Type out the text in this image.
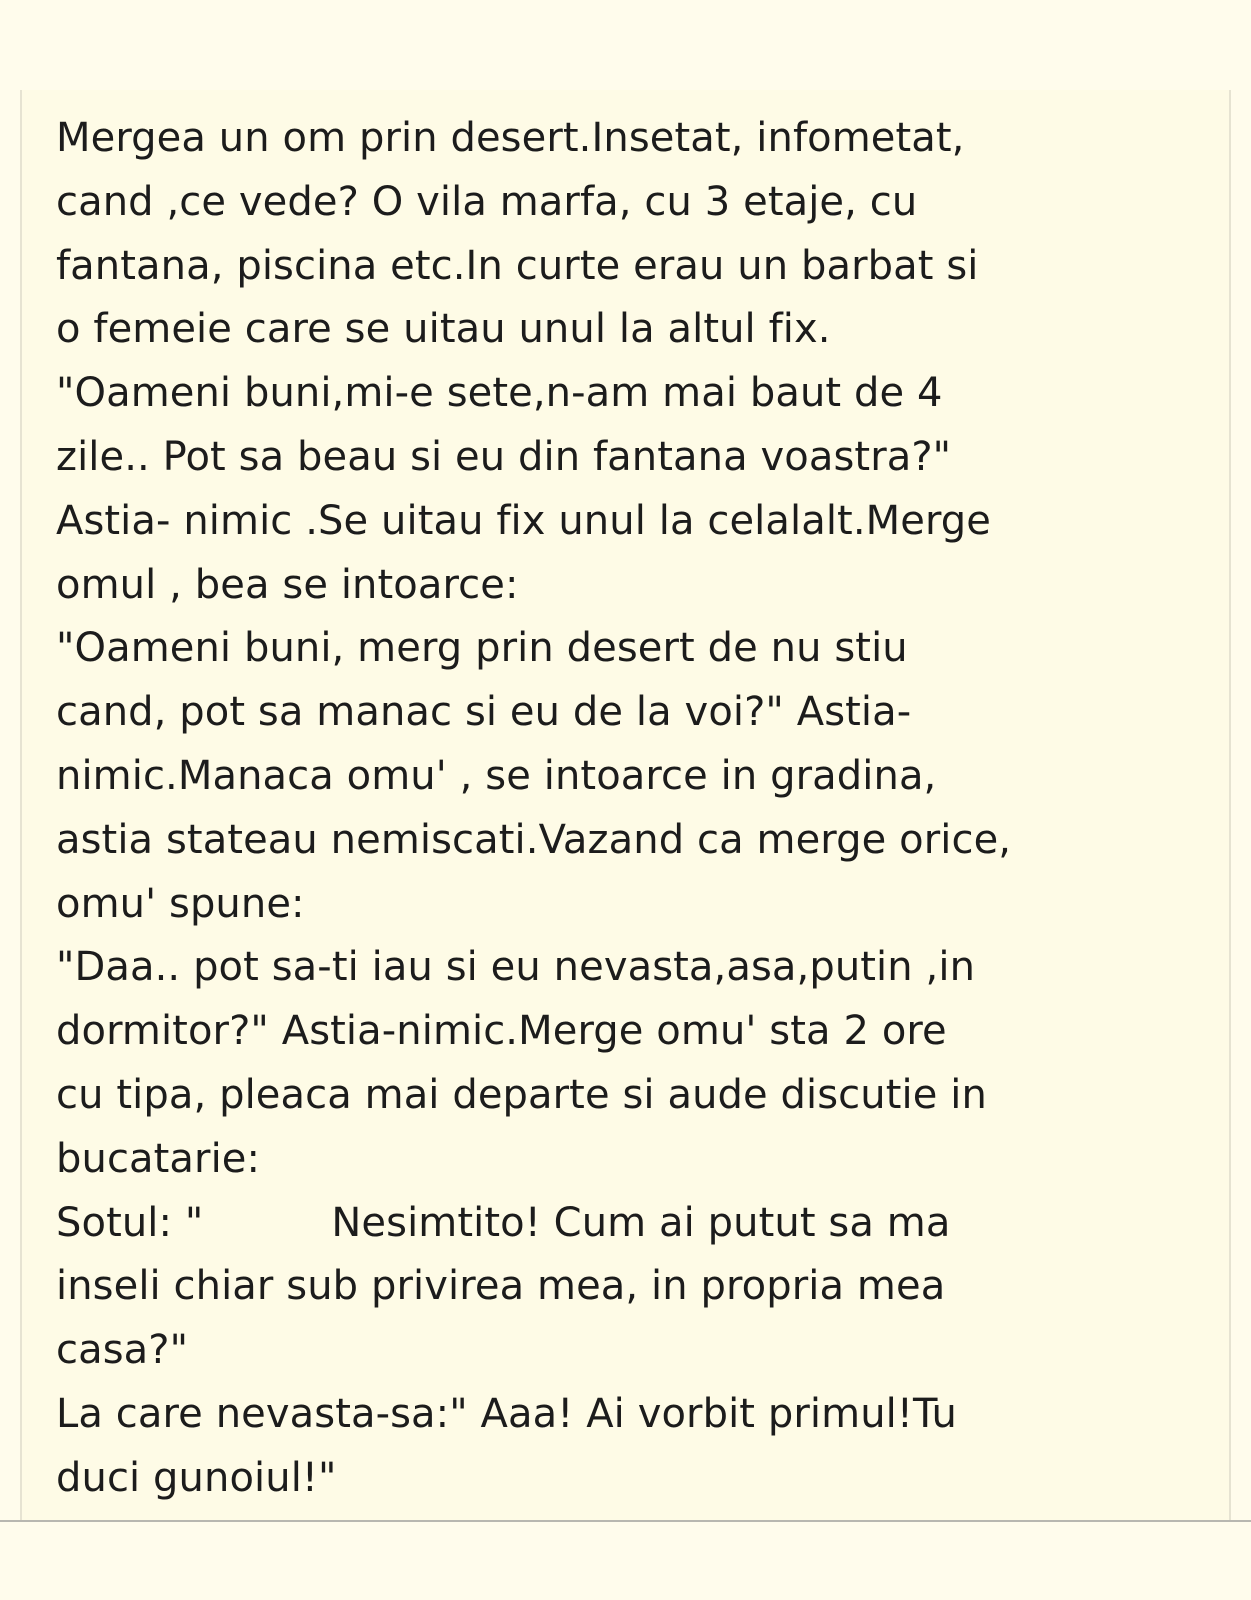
Mergea un om prin desert.Insetat, infometat,
cand ,ce vede? O vila marfa, cu 3 etaje, cu
fantana, piscina etc.In curte erau un barbat si
o femeie care se uitau unul la altul fix.
"Oameni buni,mi-e sete,n-am mai baut de 4
zile.. Pot sa beau si eu din fantana voastra?"
Astia- nimic .Se uitau fix unul la celalalt.Merge
omul , bea se intoarce:
"Oameni buni, merg prin desert de nu stiu
cand, pot sa manac si eu de la voi?" Astia-
nimic.Manaca omu' , se intoarce in gradina,
astia stateau nemiscati.Vazand ca merge orice,
omu' spune:
"Daa.. pot sa-ti iau si eu nevasta,asa,putin ,in
dormitor?" Astia-nimic.Merge omu' sta 2 ore
cu tipa, pleaca mai departe si aude discutie in
bucatarie:
Sotul: "	Nesimtito! Cum ai putut sa ma
inseli chiar sub privirea mea, in propria mea
casa?"
La care nevasta-sa:" Aaa! Ai vorbit primul!Tu
duci gunoiul!"
